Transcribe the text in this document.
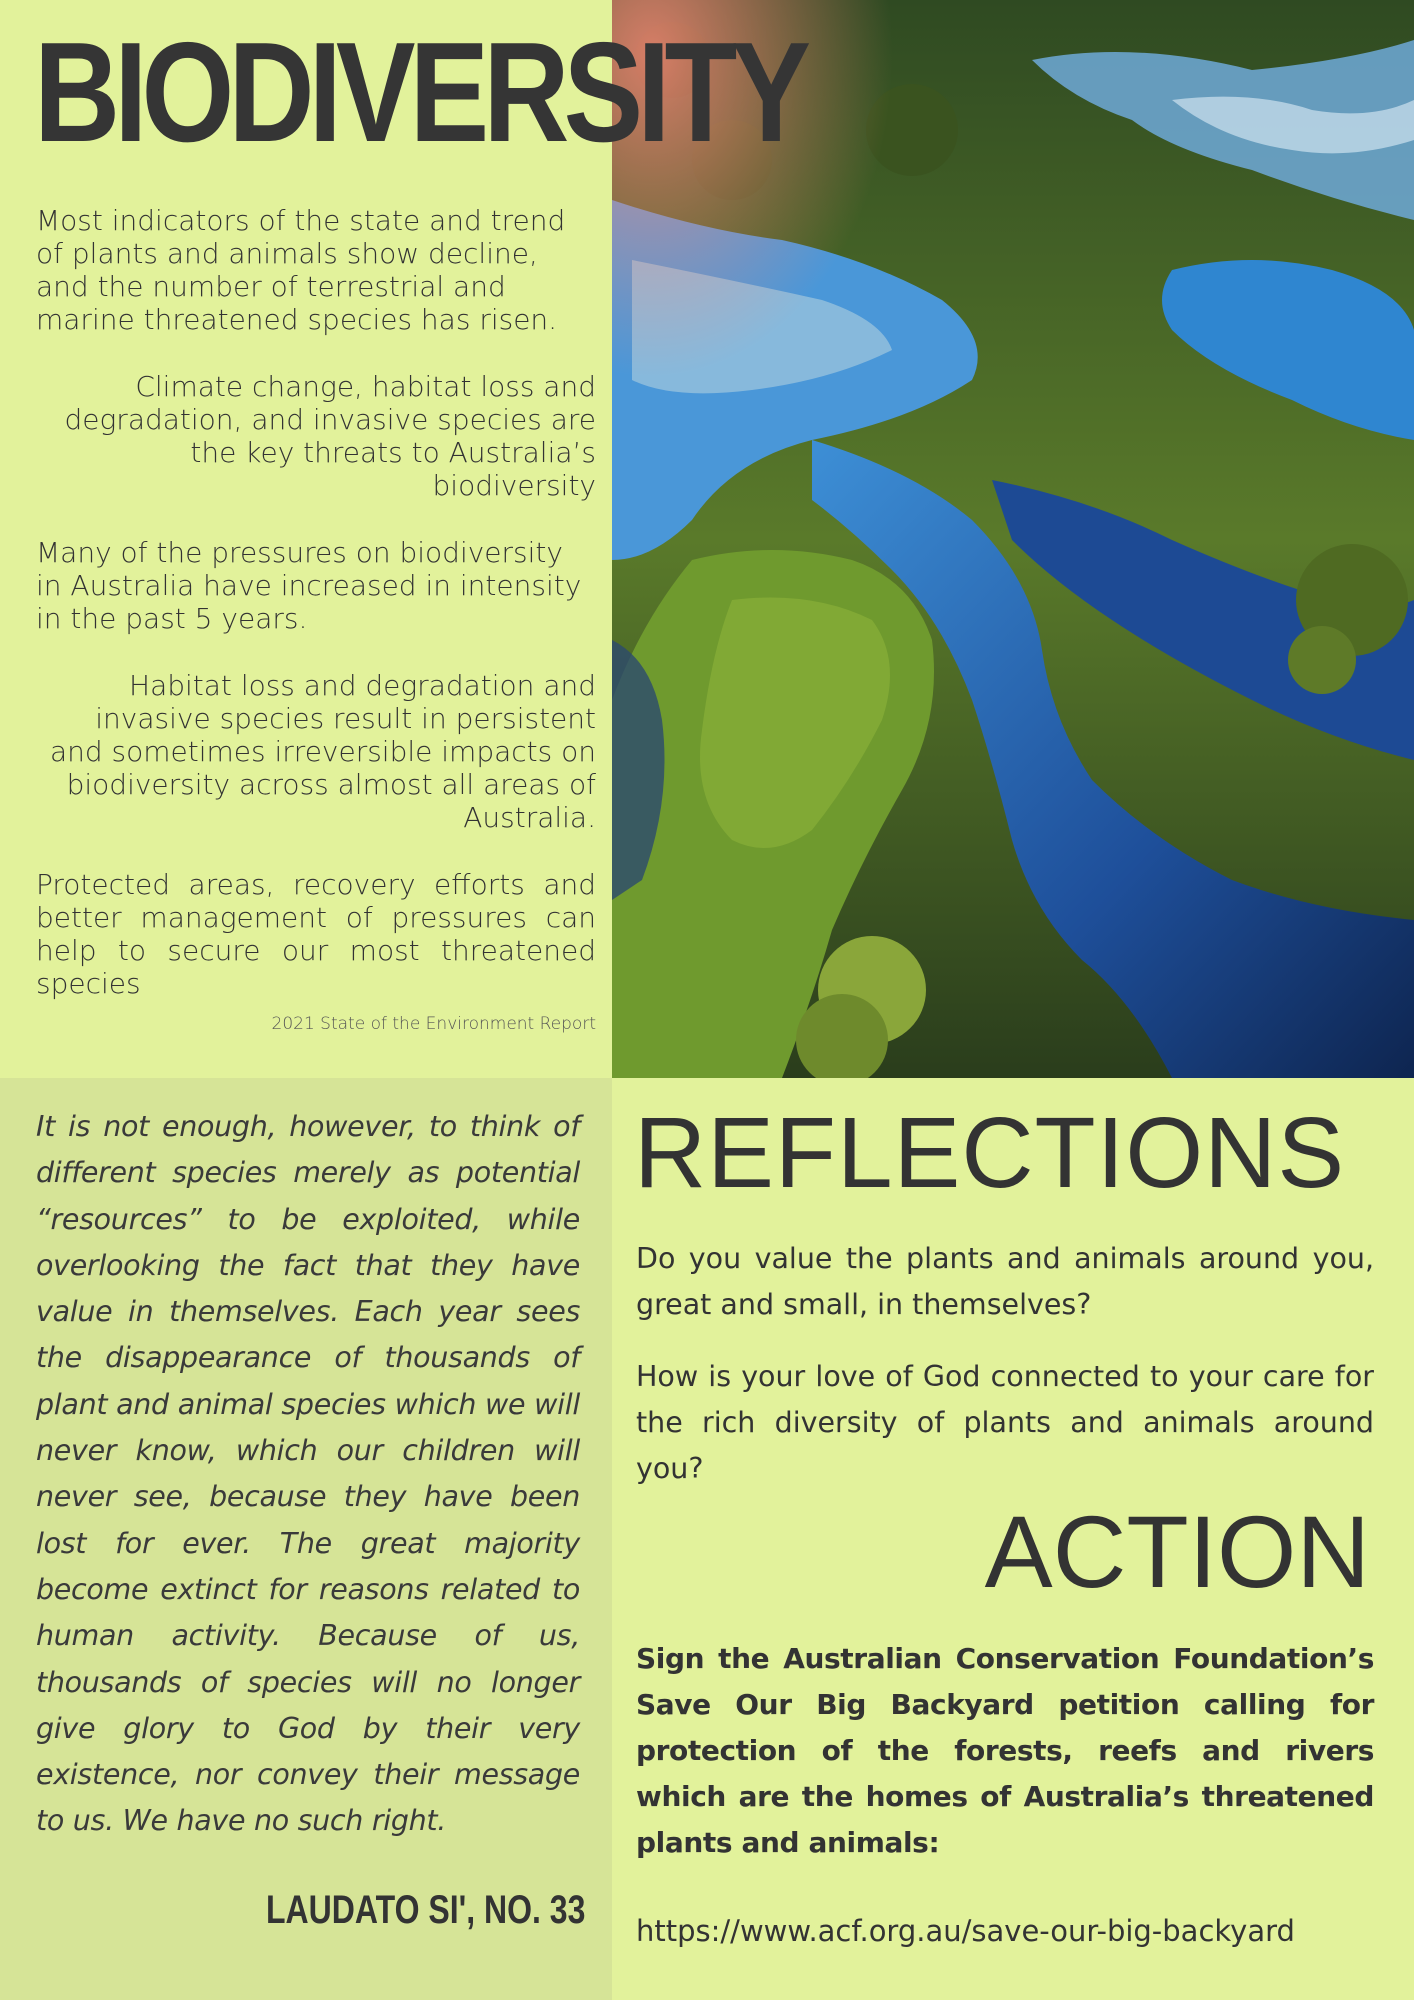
BIODIVERSITY

Most indicators of the state and trend of plants and animals show decline, and the number of terrestrial and marine threatened species has risen.

Climate change, habitat loss and degradation, and invasive species are the key threats to Australia’s biodiversity

Many of the pressures on biodiversity in Australia have increased in intensity in the past 5 years.

Habitat loss and degradation and invasive species result in persistent and sometimes irreversible impacts on biodiversity across almost all areas of Australia.

Protected areas, recovery efforts and better management of pressures can help to secure our most threatened species

2021 State of the Environment Report

It is not enough, however, to think of different species merely as potential “resources” to be exploited, while overlooking the fact that they have value in themselves. Each year sees the disappearance of thousands of plant and animal species which we will never know, which our children will never see, because they have been lost for ever. The great majority become extinct for reasons related to human activity. Because of us, thousands of species will no longer give glory to God by their very existence, nor convey their message to us. We have no such right.

LAUDATO SI', NO. 33

REFLECTIONS

Do you value the plants and animals around you, great and small, in themselves?

How is your love of God connected to your care for the rich diversity of plants and animals around you?

ACTION

Sign the Australian Conservation Foundation’s Save Our Big Backyard petition calling for protection of the forests, reefs and rivers which are the homes of Australia’s threatened plants and animals:

https://www.acf.org.au/save-our-big-backyard
